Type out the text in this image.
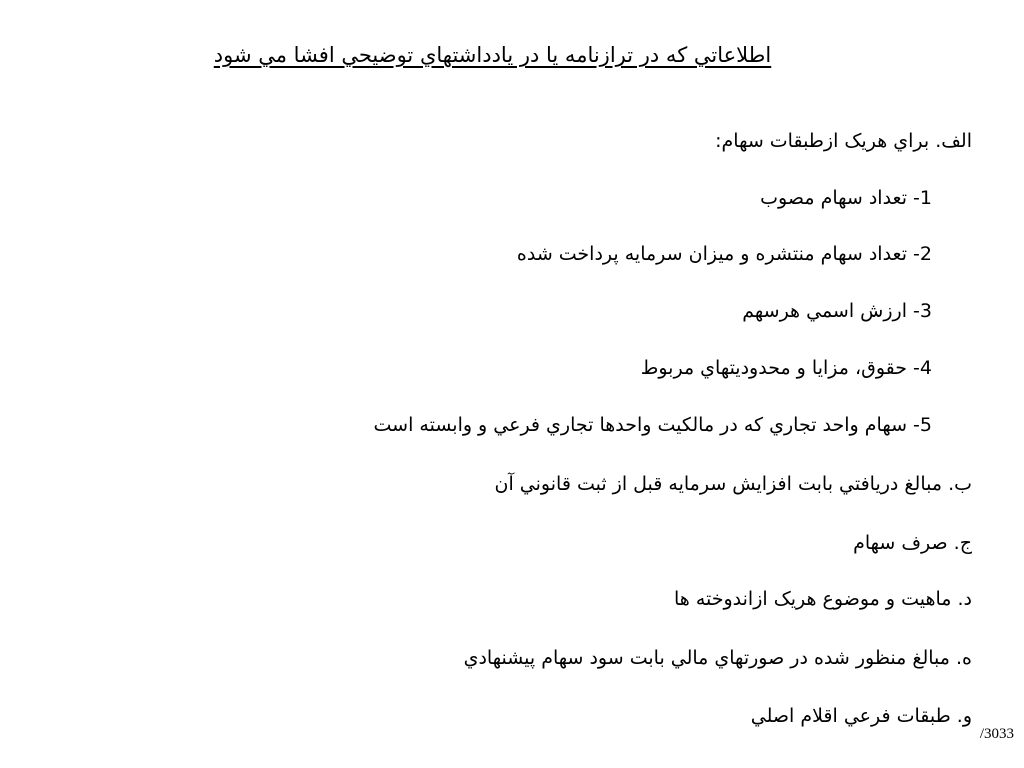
اطلاعاتي كه در ترازنامه يا در يادداشتهاي توضيحي افشا مي شود
الف. براي هريک ازطبقات سهام:
1- تعداد سهام مصوب
2- تعداد سهام منتشره و ميزان سرمايه پرداخت شده
3- ارزش اسمي هرسهم
4- حقوق، مزايا و محدوديتهاي مربوط
5- سهام واحد تجاري كه در مالكيت واحدها تجاري فرعي و وابسته است
ب. مبالغ دريافتي بابت افزايش سرمايه قبل از ثبت قانوني آن
ج. صرف سهام
د. ماهيت و موضوع هريک ازاندوخته ها
ه. مبالغ منظور شده در صورتهاي مالي بابت سود سهام پيشنهادي
و. طبقات فرعي اقلام اصلي
/3033
